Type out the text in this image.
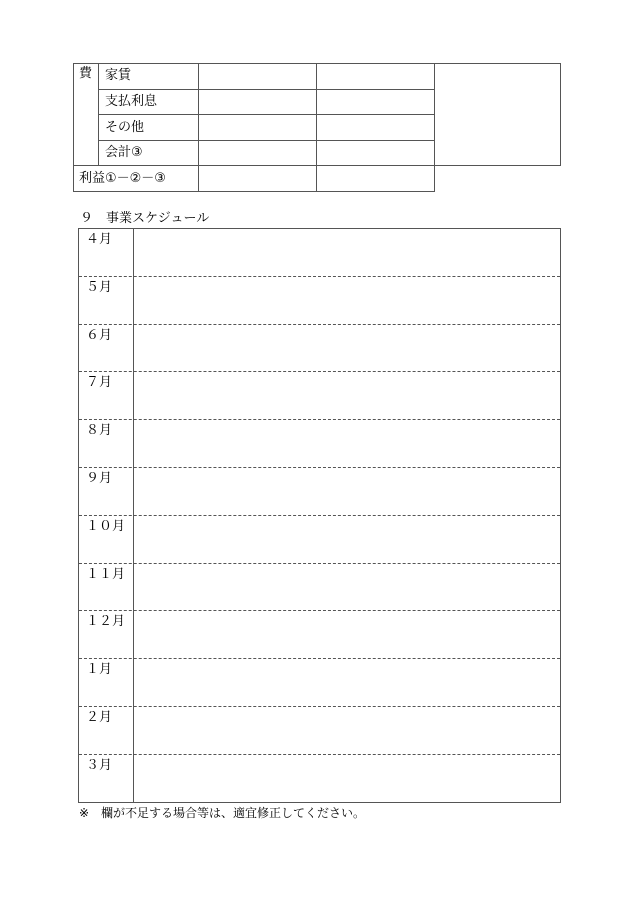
費 家賃
支払利息
その他
会計③
利益①－②－③
９　事業スケジュール
４月
５月
６月
７月
８月
９月
１０月
１１月
１２月
１月
２月
３月
※　欄が不足する場合等は、適宜修正してください。
